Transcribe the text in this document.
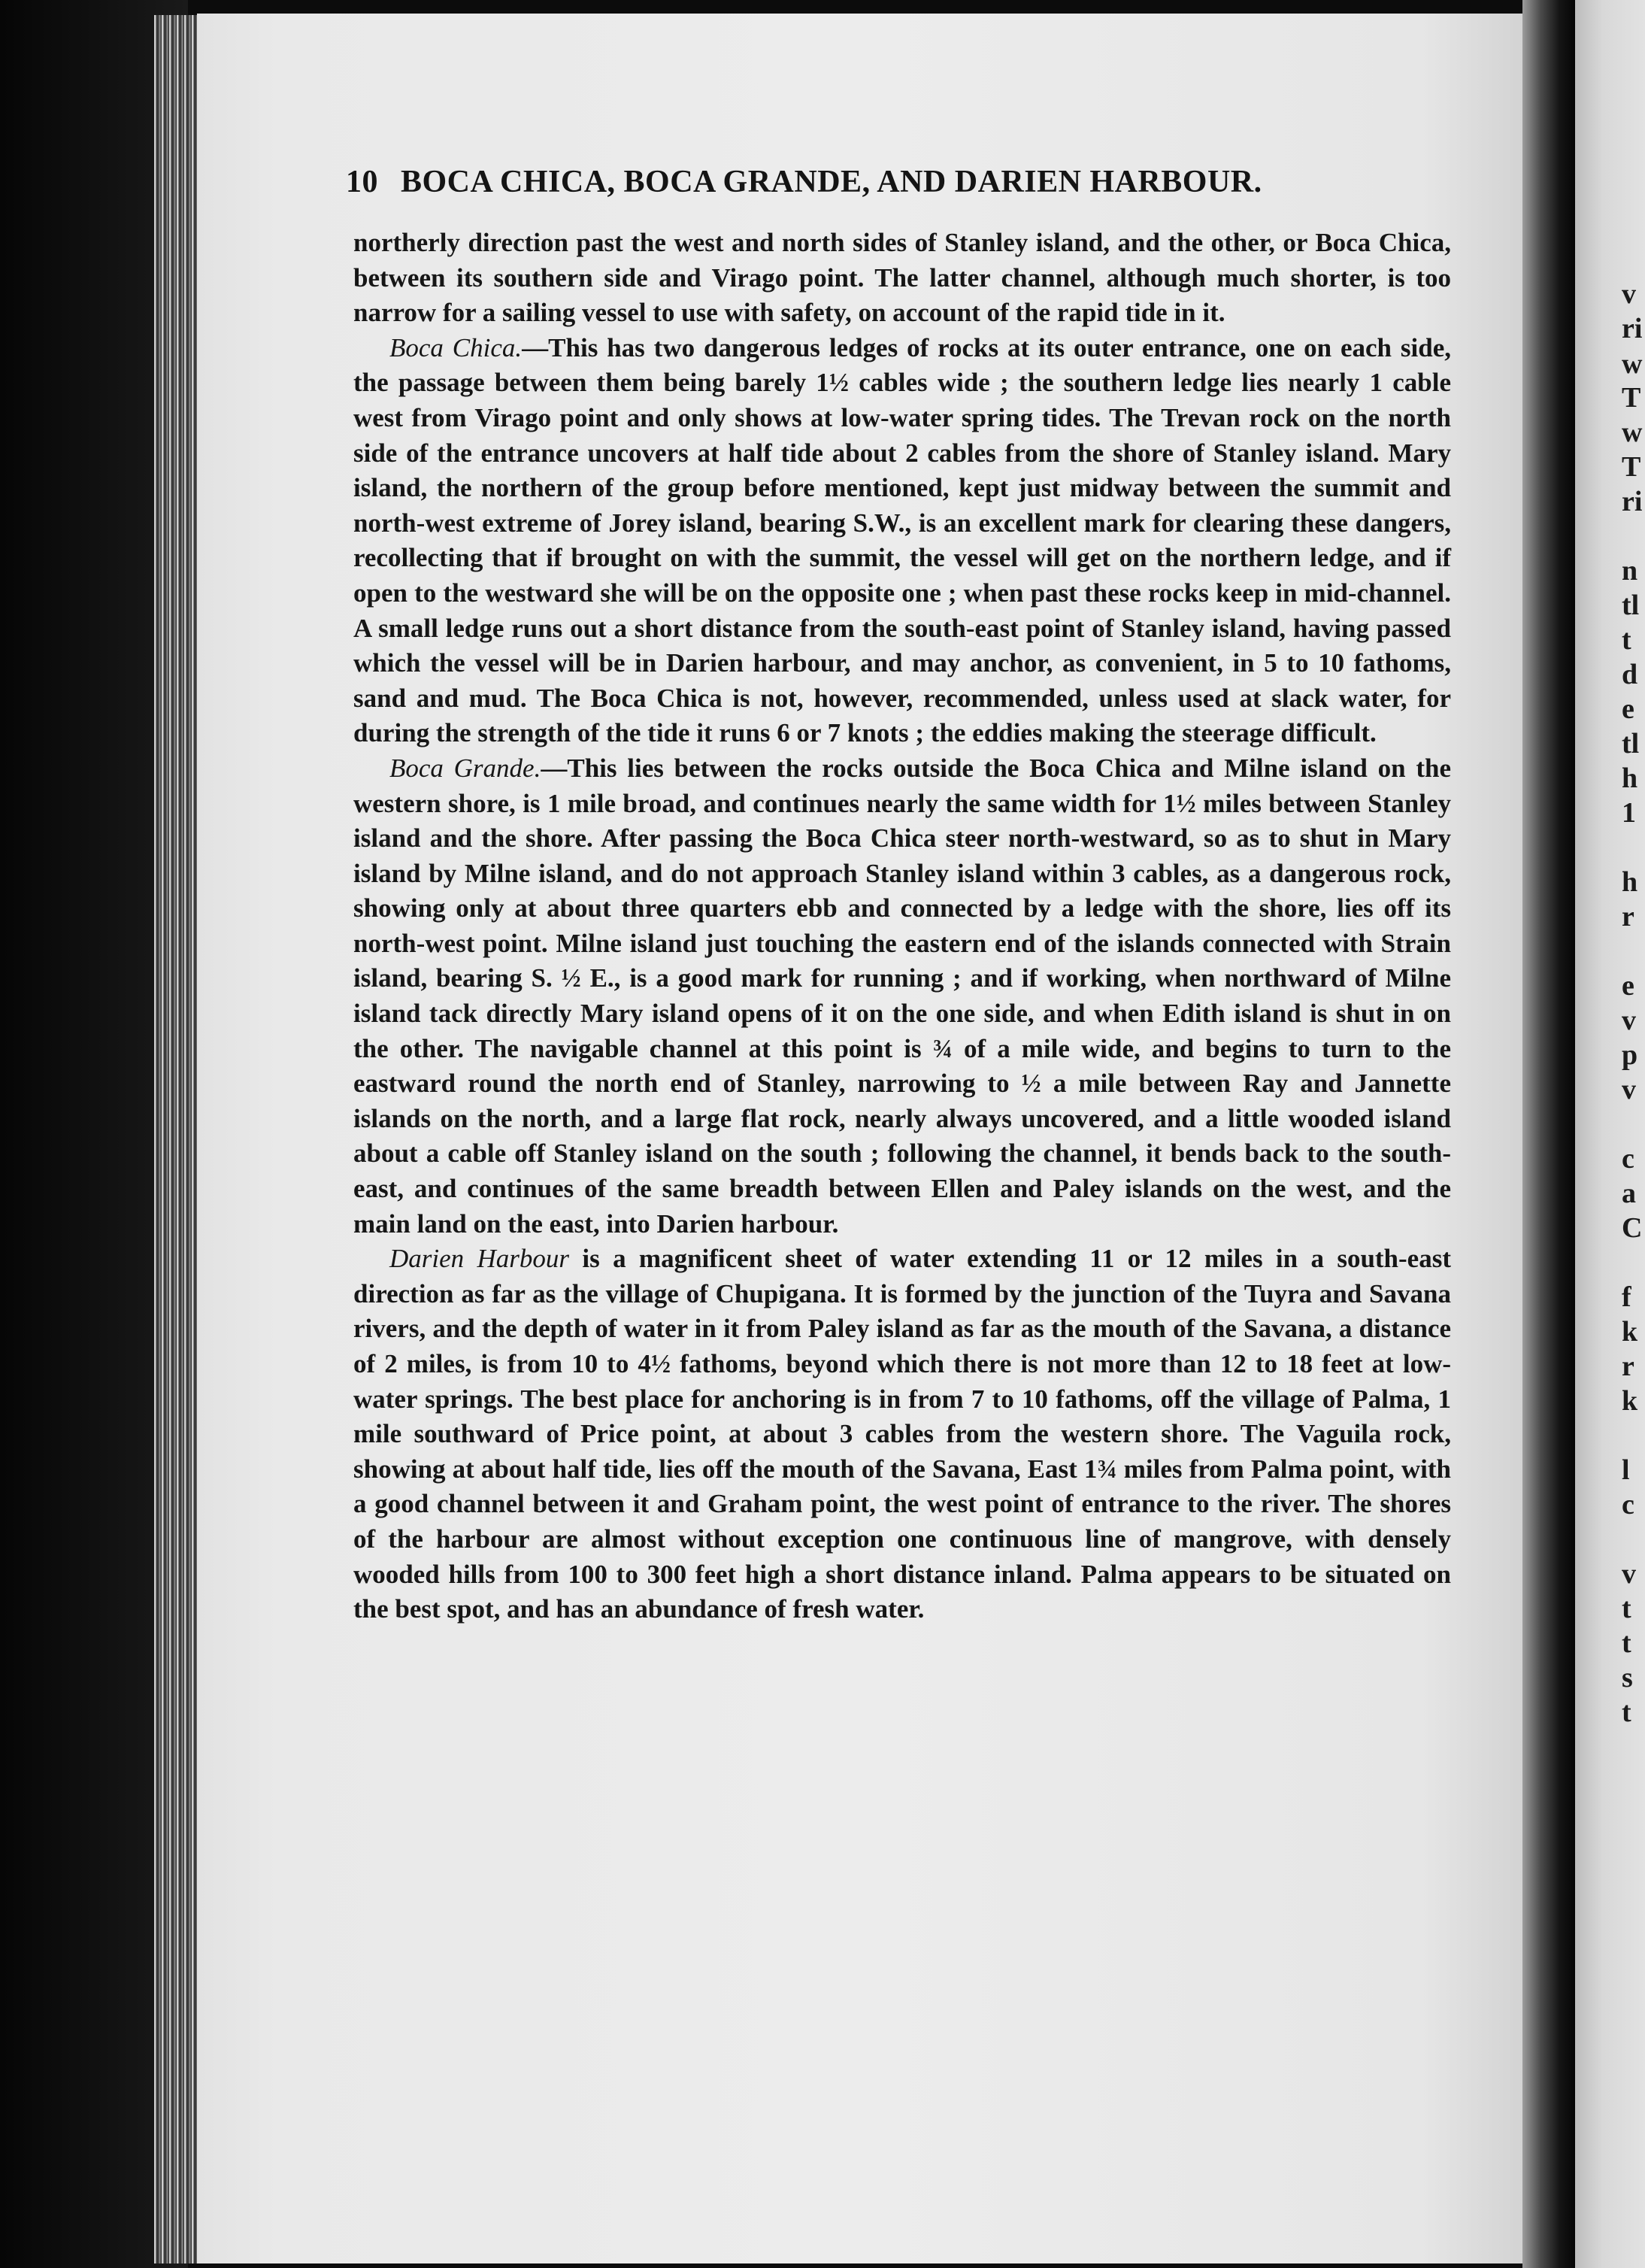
10 BOCA CHICA, BOCA GRANDE, AND DARIEN HARBOUR.

northerly direction past the west and north sides of Stanley island, and the other, or Boca Chica, between its southern side and Virago point. The latter channel, although much shorter, is too narrow for a sailing vessel to use with safety, on account of the rapid tide in it.

Boca Chica.—This has two dangerous ledges of rocks at its outer entrance, one on each side, the passage between them being barely 1½ cables wide ; the southern ledge lies nearly 1 cable west from Virago point and only shows at low-water spring tides. The Trevan rock on the north side of the entrance uncovers at half tide about 2 cables from the shore of Stanley island. Mary island, the northern of the group before mentioned, kept just midway between the summit and north-west extreme of Jorey island, bearing S.W., is an excellent mark for clearing these dangers, recollecting that if brought on with the summit, the vessel will get on the northern ledge, and if open to the westward she will be on the opposite one ; when past these rocks keep in mid-channel. A small ledge runs out a short distance from the south-east point of Stanley island, having passed which the vessel will be in Darien harbour, and may anchor, as convenient, in 5 to 10 fathoms, sand and mud. The Boca Chica is not, however, recommended, unless used at slack water, for during the strength of the tide it runs 6 or 7 knots ; the eddies making the steerage difficult.

Boca Grande.—This lies between the rocks outside the Boca Chica and Milne island on the western shore, is 1 mile broad, and continues nearly the same width for 1½ miles between Stanley island and the shore. After passing the Boca Chica steer north-westward, so as to shut in Mary island by Milne island, and do not approach Stanley island within 3 cables, as a dangerous rock, showing only at about three quarters ebb and connected by a ledge with the shore, lies off its north-west point. Milne island just touching the eastern end of the islands connected with Strain island, bearing S. ½ E., is a good mark for running ; and if working, when northward of Milne island tack directly Mary island opens of it on the one side, and when Edith island is shut in on the other. The navigable channel at this point is ¾ of a mile wide, and begins to turn to the eastward round the north end of Stanley, narrowing to ½ a mile between Ray and Jannette islands on the north, and a large flat rock, nearly always uncovered, and a little wooded island about a cable off Stanley island on the south ; following the channel, it bends back to the south-east, and continues of the same breadth between Ellen and Paley islands on the west, and the main land on the east, into Darien harbour.

Darien Harbour is a magnificent sheet of water extending 11 or 12 miles in a south-east direction as far as the village of Chupigana. It is formed by the junction of the Tuyra and Savana rivers, and the depth of water in it from Paley island as far as the mouth of the Savana, a distance of 2 miles, is from 10 to 4½ fathoms, beyond which there is not more than 12 to 18 feet at low-water springs. The best place for anchoring is in from 7 to 10 fathoms, off the village of Palma, 1 mile southward of Price point, at about 3 cables from the western shore. The Vaguila rock, showing at about half tide, lies off the mouth of the Savana, East 1¾ miles from Palma point, with a good channel between it and Graham point, the west point of entrance to the river. The shores of the harbour are almost without exception one continuous line of mangrove, with densely wooded hills from 100 to 300 feet high a short distance inland. Palma appears to be situated on the best spot, and has an abundance of fresh water.

v
ri
w
T
w
T
ri
n
tl
t
d
e
tl
h
1
h
r
e
v
p
v
c
a
C
f
k
r
k
l
c
v
t
t
s
t
